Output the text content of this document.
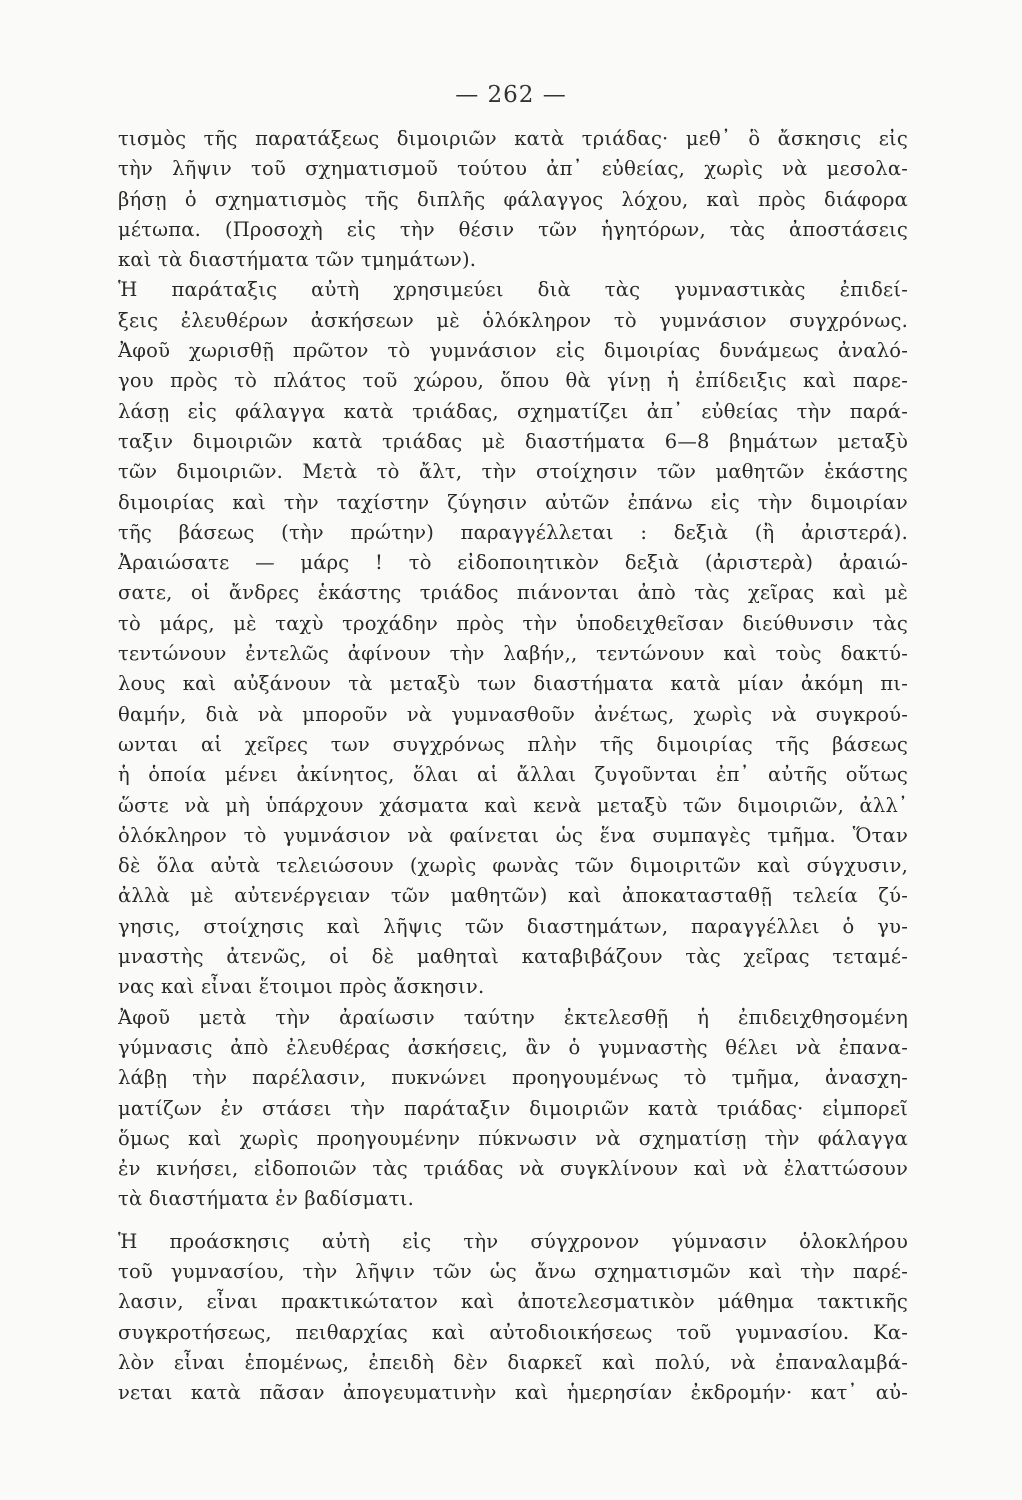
— 262 —
τισμὸς τῆς παρατάξεως διμοιριῶν κατὰ τριάδας· μεθ᾽ ὃ ἄσκησις εἰς
τὴν λῆψιν τοῦ σχηματισμοῦ τούτου ἀπ᾽ εὐθείας, χωρὶς νὰ μεσολα-
βήσῃ ὁ σχηματισμὸς τῆς διπλῆς φάλαγγος λόχου, καὶ πρὸς διάφορα
μέτωπα. (Προσοχὴ εἰς τὴν θέσιν τῶν ἡγητόρων, τὰς ἀποστάσεις
καὶ τὰ διαστήματα τῶν τμημάτων).
Ἡ παράταξις αὐτὴ χρησιμεύει διὰ τὰς γυμναστικὰς ἐπιδεί-
ξεις ἐλευθέρων ἀσκήσεων μὲ ὁλόκληρον τὸ γυμνάσιον συγχρόνως.
Ἀφοῦ χωρισθῇ πρῶτον τὸ γυμνάσιον εἰς διμοιρίας δυνάμεως ἀναλό-
γου πρὸς τὸ πλάτος τοῦ χώρου, ὅπου θὰ γίνῃ ἡ ἐπίδειξις καὶ παρε-
λάσῃ εἰς φάλαγγα κατὰ τριάδας, σχηματίζει ἀπ᾽ εὐθείας τὴν παρά-
ταξιν διμοιριῶν κατὰ τριάδας μὲ διαστήματα 6—8 βημάτων μεταξὺ
τῶν διμοιριῶν. Μετὰ τὸ ἄλτ, τὴν στοίχησιν τῶν μαθητῶν ἑκάστης
διμοιρίας καὶ τὴν ταχίστην ζύγησιν αὐτῶν ἐπάνω εἰς τὴν διμοιρίαν
τῆς βάσεως (τὴν πρώτην) παραγγέλλεται : δεξιὰ (ἢ ἀριστερά).
Ἀραιώσατε — μάρς ! τὸ εἰδοποιητικὸν δεξιὰ (ἀριστερὰ) ἀραιώ-
σατε, οἱ ἄνδρες ἑκάστης τριάδος πιάνονται ἀπὸ τὰς χεῖρας καὶ μὲ
τὸ μάρς, μὲ ταχὺ τροχάδην πρὸς τὴν ὑποδειχθεῖσαν διεύθυνσιν τὰς
τεντώνουν ἐντελῶς ἀφίνουν τὴν λαβήν,, τεντώνουν καὶ τοὺς δακτύ-
λους καὶ αὐξάνουν τὰ μεταξὺ των διαστήματα κατὰ μίαν ἀκόμη πι-
θαμήν, διὰ νὰ μποροῦν νὰ γυμνασθοῦν ἀνέτως, χωρὶς νὰ συγκρού-
ωνται αἱ χεῖρες των συγχρόνως πλὴν τῆς διμοιρίας τῆς βάσεως
ἡ ὁποία μένει ἀκίνητος, ὅλαι αἱ ἄλλαι ζυγοῦνται ἐπ᾽ αὐτῆς οὕτως
ὥστε νὰ μὴ ὑπάρχουν χάσματα καὶ κενὰ μεταξὺ τῶν διμοιριῶν, ἀλλ᾽
ὁλόκληρον τὸ γυμνάσιον νὰ φαίνεται ὡς ἕνα συμπαγὲς τμῆμα. Ὅταν
δὲ ὅλα αὐτὰ τελειώσουν (χωρὶς φωνὰς τῶν διμοιριτῶν καὶ σύγχυσιν,
ἀλλὰ μὲ αὐτενέργειαν τῶν μαθητῶν) καὶ ἀποκατασταθῇ τελεία ζύ-
γησις, στοίχησις καὶ λῆψις τῶν διαστημάτων, παραγγέλλει ὁ γυ-
μναστὴς ἀτενῶς, οἱ δὲ μαθηταὶ καταβιβάζουν τὰς χεῖρας τεταμέ-
νας καὶ εἶναι ἕτοιμοι πρὸς ἄσκησιν.
Ἀφοῦ μετὰ τὴν ἀραίωσιν ταύτην ἐκτελεσθῇ ἡ ἐπιδειχθησομένη
γύμνασις ἀπὸ ἐλευθέρας ἀσκήσεις, ἂν ὁ γυμναστὴς θέλει νὰ ἐπανα-
λάβῃ τὴν παρέλασιν, πυκνώνει προηγουμένως τὸ τμῆμα, ἀνασχη-
ματίζων ἐν στάσει τὴν παράταξιν διμοιριῶν κατὰ τριάδας· εἰμπορεῖ
ὅμως καὶ χωρὶς προηγουμένην πύκνωσιν νὰ σχηματίσῃ τὴν φάλαγγα
ἐν κινήσει, εἰδοποιῶν τὰς τριάδας νὰ συγκλίνουν καὶ νὰ ἐλαττώσουν
τὰ διαστήματα ἐν βαδίσματι.
Ἡ προάσκησις αὐτὴ εἰς τὴν σύγχρονον γύμνασιν ὁλοκλήρου
τοῦ γυμνασίου, τὴν λῆψιν τῶν ὡς ἄνω σχηματισμῶν καὶ τὴν παρέ-
λασιν, εἶναι πρακτικώτατον καὶ ἀποτελεσματικὸν μάθημα τακτικῆς
συγκροτήσεως, πειθαρχίας καὶ αὐτοδιοικήσεως τοῦ γυμνασίου. Κα-
λὸν εἶναι ἑπομένως, ἐπειδὴ δὲν διαρκεῖ καὶ πολύ, νὰ ἐπαναλαμβά-
νεται κατὰ πᾶσαν ἀπογευματινὴν καὶ ἡμερησίαν ἐκδρομήν· κατ᾽ αὐ-
